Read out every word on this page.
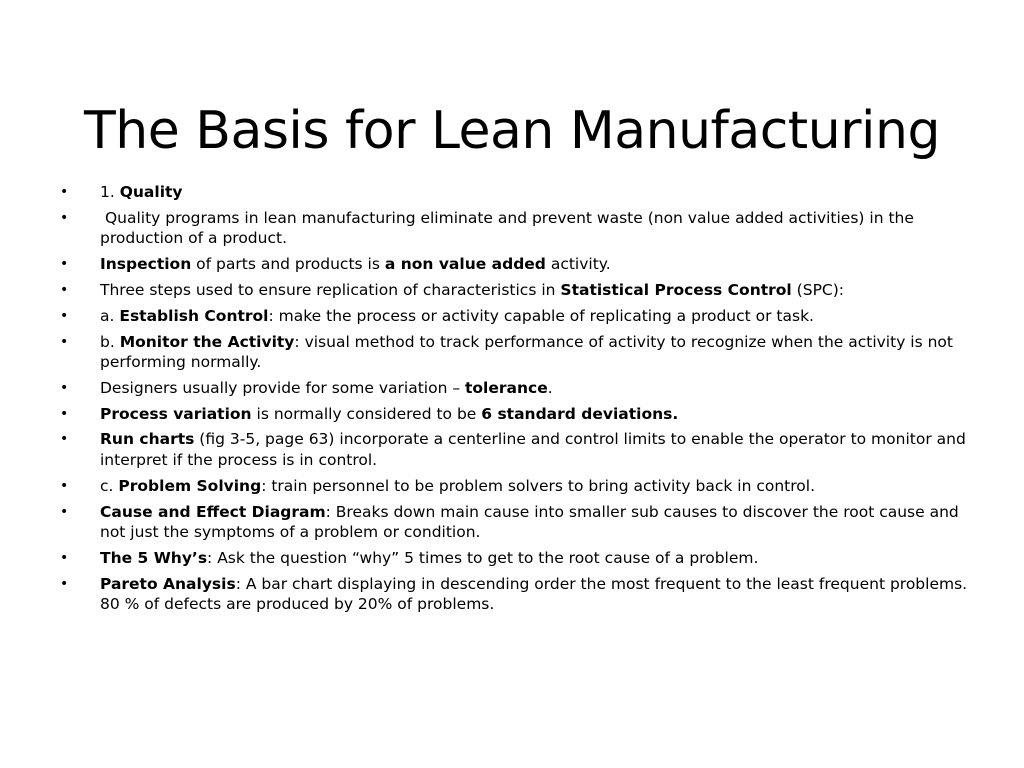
The Basis for Lean Manufacturing
• 1. Quality
• Quality programs in lean manufacturing eliminate and prevent waste (non value added activities) in the production of a product.
• Inspection of parts and products is a non value added activity.
• Three steps used to ensure replication of characteristics in Statistical Process Control (SPC):
• a. Establish Control: make the process or activity capable of replicating a product or task.
• b. Monitor the Activity: visual method to track performance of activity to recognize when the activity is not performing normally.
• Designers usually provide for some variation – tolerance.
• Process variation is normally considered to be 6 standard deviations.
• Run charts (fig 3-5, page 63) incorporate a centerline and control limits to enable the operator to monitor and interpret if the process is in control.
• c. Problem Solving: train personnel to be problem solvers to bring activity back in control.
• Cause and Effect Diagram: Breaks down main cause into smaller sub causes to discover the root cause and not just the symptoms of a problem or condition.
• The 5 Why’s: Ask the question “why” 5 times to get to the root cause of a problem.
• Pareto Analysis: A bar chart displaying in descending order the most frequent to the least frequent problems.  80 % of defects are produced by 20% of problems.
